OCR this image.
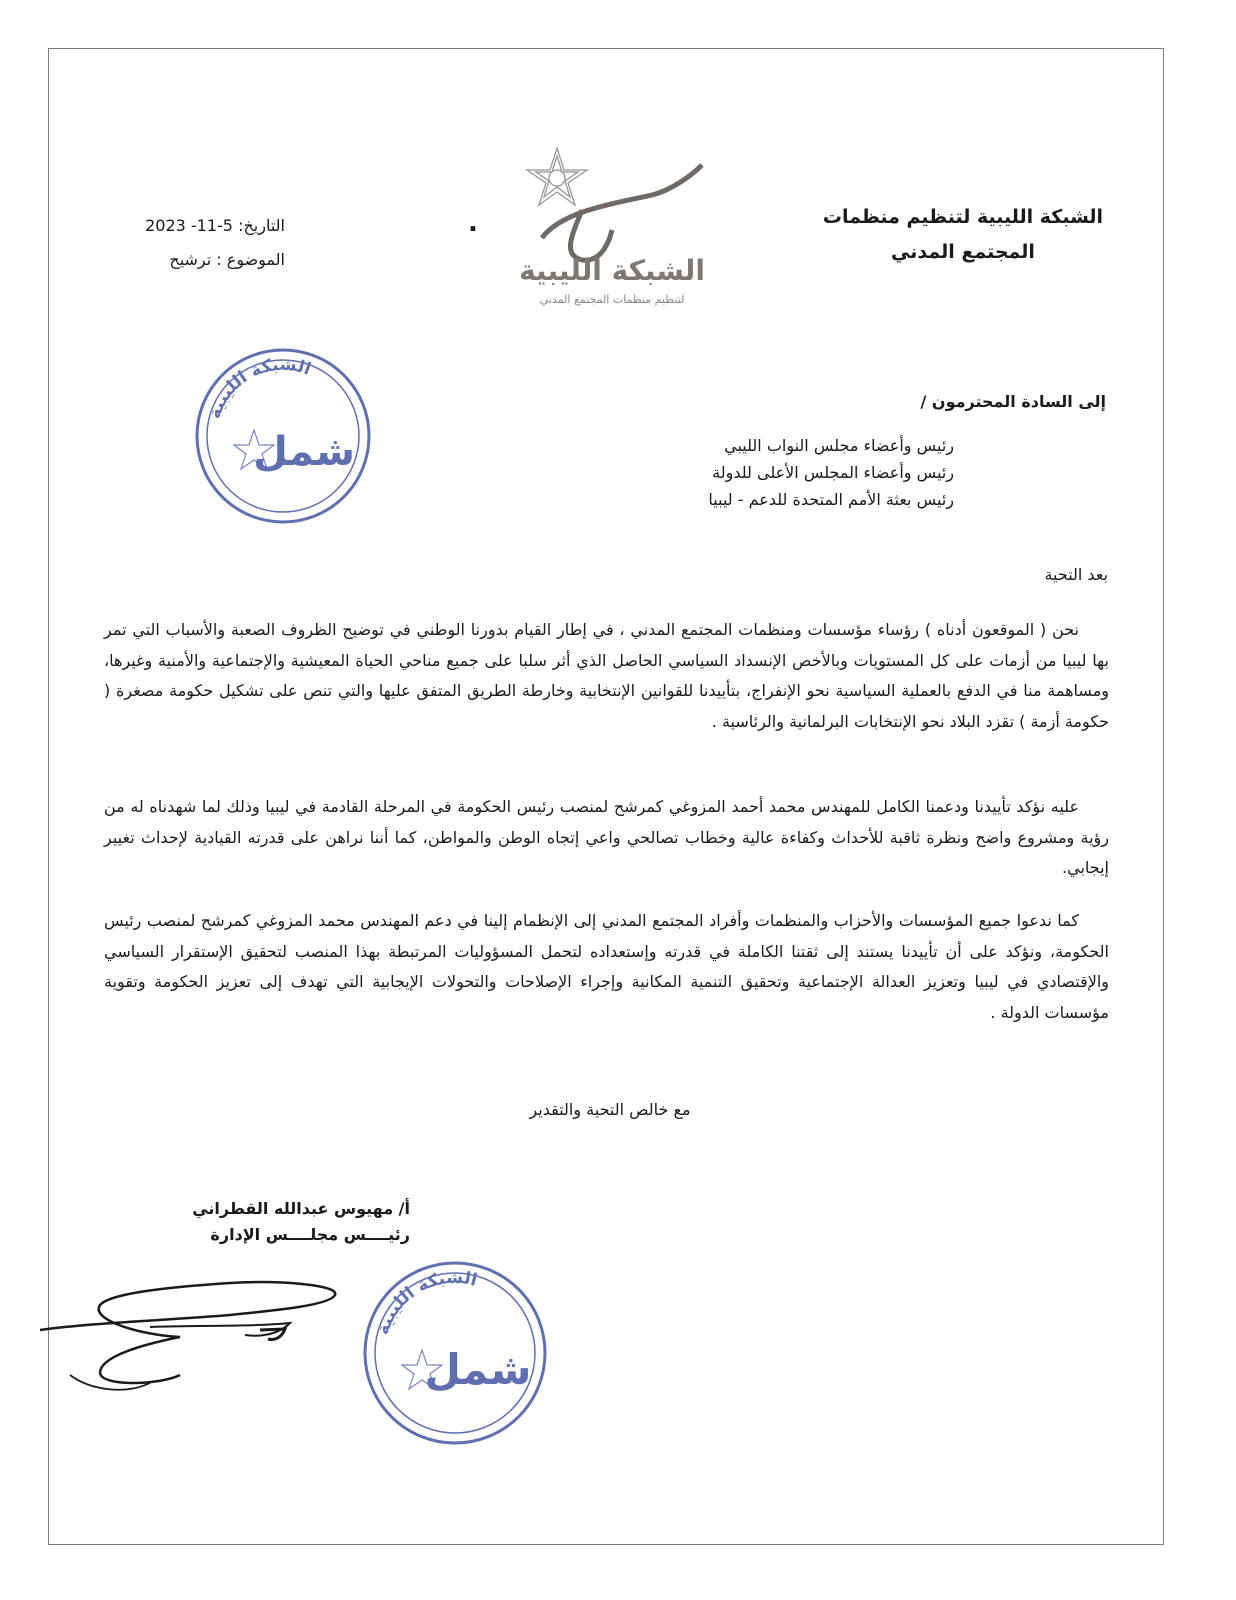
الشبكة الليبية لتنظيم منظمات
المجتمع المدني
.
التاريخ: 5-11- 2023
الموضوع : ترشيح	الشبكة الليبية
لتنظيم منظمات المجتمع المدني
الشبكة الليبية
شمل
إلى السادة المحترمون /
رئيس وأعضاء مجلس النواب الليبي
رئيس وأعضاء المجلس الأعلى للدولة
رئيس بعثة الأمم المتحدة للدعم - ليبيا
بعد التحية

نحن ( الموقعون أدناه ) رؤساء مؤسسات ومنظمات المجتمع المدني ، في إطار القيام بدورنا الوطني في توضيح الظروف الصعبة والأسباب التي تمر بها ليبيا من أزمات على كل المستويات وبالأخص الإنسداد السياسي الحاصل الذي أثر سلبا على جميع مناحي الحياة المعيشية والإجتماعية والأمنية وغيرها، ومساهمة منا في الدفع بالعملية السياسية نحو الإنفراج، بتأييدنا للقوانين الإنتخابية وخارطة الطريق المتفق عليها والتي تنص على تشكيل حكومة مصغرة ( حكومة أزمة ) تقزد البلاد نحو الإنتخابات البرلمانية والرئاسية .

عليه نؤكد تأييدنا ودعمنا الكامل للمهندس محمد أحمد المزوغي كمرشح لمنصب رئيس الحكومة في المرحلة القادمة في ليبيا وذلك لما شهدناه له من رؤية ومشروع واضح ونظرة ثاقبة للأحداث وكفاءة عالية وخطاب تصالحي واعي إتجاه الوطن والمواطن، كما أننا نراهن على قدرته القيادية لإحداث تغيير إيجابي.

كما ندعوا جميع المؤسسات والأحزاب والمنظمات وأفراد المجتمع المدني إلى الإنظمام إلينا في دعم المهندس محمد المزوغي كمرشح لمنصب رئيس الحكومة، ونؤكد على أن تأييدنا يستند إلى ثقتنا الكاملة في قدرته وإستعداده لتحمل المسؤوليات المرتبطة بهذا المنصب لتحقيق الإستقرار السياسي والإقتصادي في ليبيا وتعزيز العدالة الإجتماعية وتحقيق التنمية المكانية وإجراء الإصلاحات والتحولات الإيجابية التي تهدف إلى تعزيز الحكومة وتقوية مؤسسات الدولة .

مع خالص التحية والتقدير
أ/ مهيوس عبدالله القطراني
رئيــــس مجلــــس الإدارة
الشبكة الليبية
شمل
